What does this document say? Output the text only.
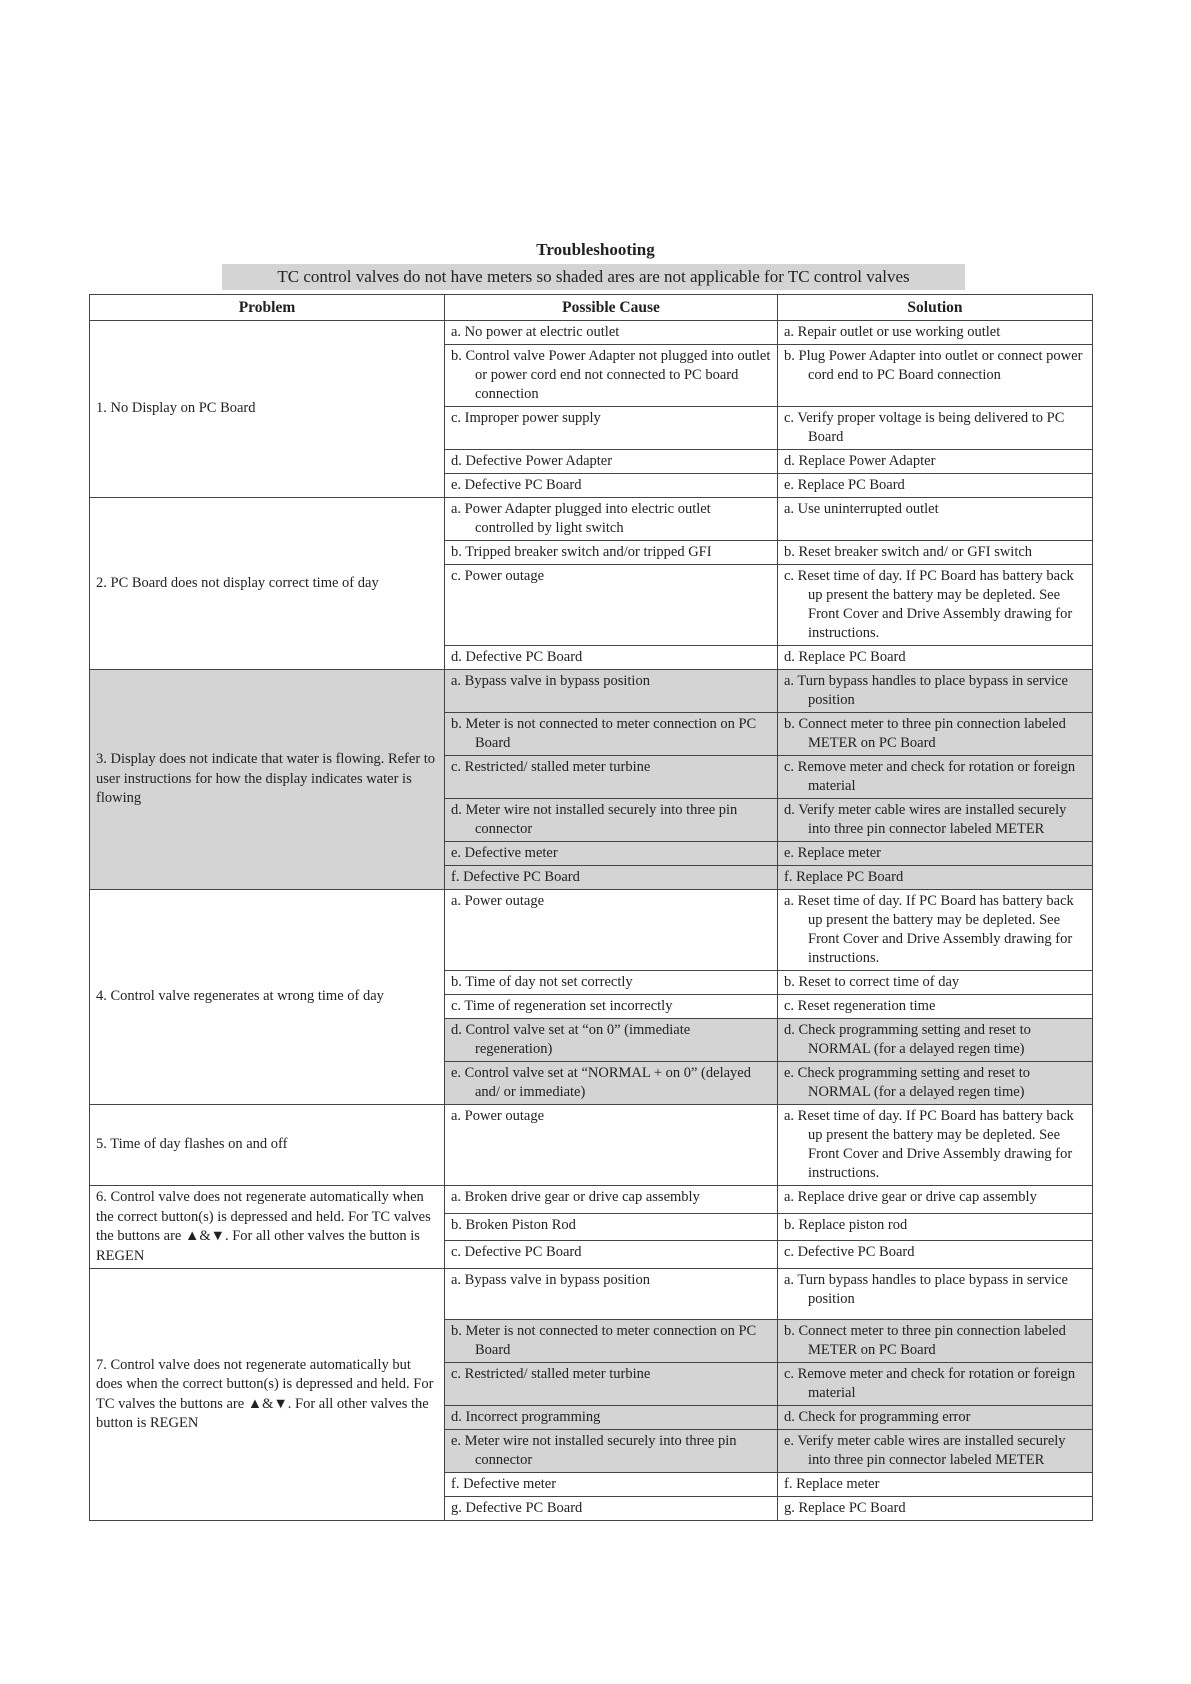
Troubleshooting
TC control valves do not have meters so shaded ares are not applicable for TC control valves
Problem	Possible Cause	Solution
1. No Display on PC Board	a. No power at electric outlet	a. Repair outlet or use working outlet

	b. Control valve Power Adapter not plugged into outlet or power cord end not connected to PC board connection	b. Plug Power Adapter into outlet or connect power cord end to PC Board connection

	c. Improper power supply	c. Verify proper voltage is being delivered to PC Board

	d. Defective Power Adapter	d. Replace Power Adapter

	e. Defective PC Board	e. Replace PC Board

2. PC Board does not display correct time of day	a. Power Adapter plugged into electric outlet controlled by light switch	a. Use uninterrupted outlet

	b. Tripped breaker switch and/or tripped GFI	b. Reset breaker switch and/ or GFI switch

	c. Power outage	c. Reset time of day. If PC Board has battery back up present the battery may be depleted. See Front Cover and Drive Assembly drawing for instructions.

	d. Defective PC Board	d. Replace PC Board

3. Display does not indicate that water is flowing. Refer to user instructions for how the display indicates water is flowing	a. Bypass valve in bypass position	a. Turn bypass handles to place bypass in service position

	b. Meter is not connected to meter connection on PC Board	b. Connect meter to three pin connection labeled METER on PC Board

	c. Restricted/ stalled meter turbine	c. Remove meter and check for rotation or foreign material

	d. Meter wire not installed securely into three pin connector	d. Verify meter cable wires are installed securely into three pin connector labeled METER

	e. Defective meter	e. Replace meter

	f. Defective PC Board	f. Replace PC Board

4. Control valve regenerates at wrong time of day	a. Power outage	a. Reset time of day. If PC Board has battery back up present the battery may be depleted. See Front Cover and Drive Assembly drawing for instructions.

	b. Time of day not set correctly	b. Reset to correct time of day

	c. Time of regeneration set incorrectly	c. Reset regeneration time

	d. Control valve set at “on 0” (immediate regeneration)	d. Check programming setting and reset to NORMAL (for a delayed regen time)

	e. Control valve set at “NORMAL + on 0” (delayed and/ or immediate)	e. Check programming setting and reset to NORMAL (for a delayed regen time)

5. Time of day flashes on and off	a. Power outage	a. Reset time of day. If PC Board has battery back up present the battery may be depleted. See Front Cover and Drive Assembly drawing for instructions.

6. Control valve does not regenerate automatically when the correct button(s) is depressed and held. For TC valves the buttons are ▲&▼. For all other valves the button is REGEN	a. Broken drive gear or drive cap assembly	a. Replace drive gear or drive cap assembly

	b. Broken Piston Rod	b. Replace piston rod

	c. Defective PC Board	c. Defective PC Board

7. Control valve does not regenerate automatically but does when the correct button(s) is depressed and held. For TC valves the buttons are ▲&▼. For all other valves the button is REGEN	a. Bypass valve in bypass position	a. Turn bypass handles to place bypass in service position

	b. Meter is not connected to meter connection on PC Board	b. Connect meter to three pin connection labeled METER on PC Board

	c. Restricted/ stalled meter turbine	c. Remove meter and check for rotation or foreign material

	d. Incorrect programming	d. Check for programming error

	e. Meter wire not installed securely into three pin connector	e. Verify meter cable wires are installed securely into three pin connector labeled METER

	f. Defective meter	f. Replace meter

	g. Defective PC Board	g. Replace PC Board
